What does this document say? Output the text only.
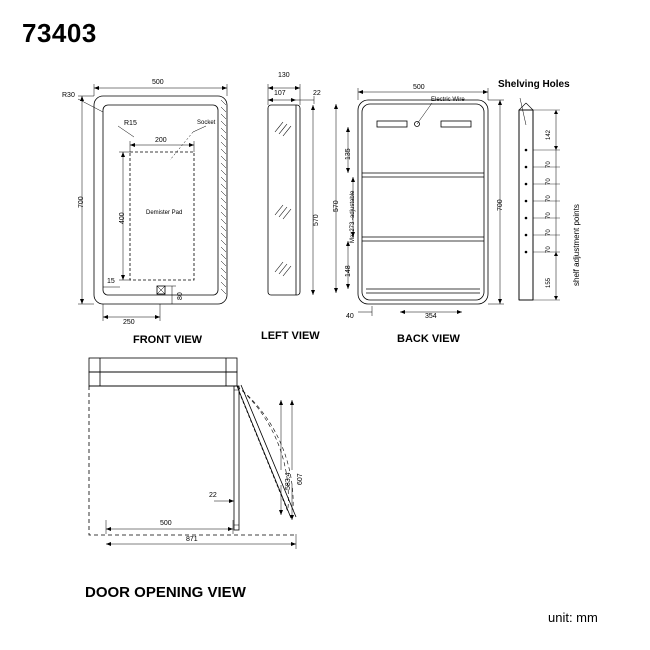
73403
500
700
R30
R15	Socket
200
400	Demister Pad
15
80
250
FRONT VIEW
130
107	22
570
LEFT VIEW
500
700
Electric Wire
135
570
148
Max273 -adjustable
40	354
BACK VIEW
Shelving Holes
shelf adjustment points
142
70
70
70
70
70
70
155
22
583.4 607
500
871
DOOR OPENING VIEW
unit: mm
